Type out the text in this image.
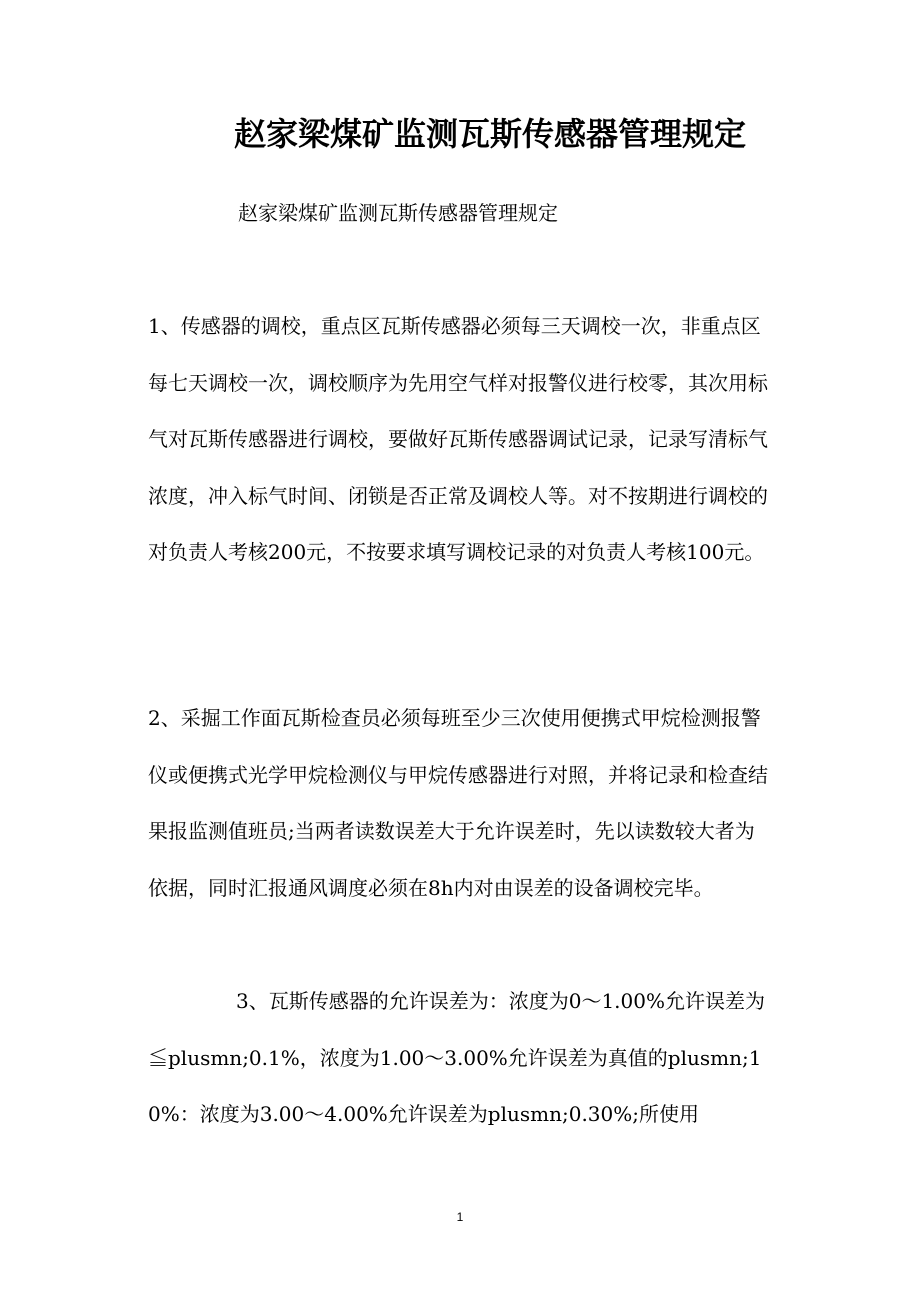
赵家梁煤矿监测瓦斯传感器管理规定
赵家梁煤矿监测瓦斯传感器管理规定

1、传感器的调校，重点区瓦斯传感器必须每三天调校一次，非重点区每七天调校一次，调校顺序为先用空气样对报警仪进行校零，其次用标气对瓦斯传感器进行调校，要做好瓦斯传感器调试记录，记录写清标气浓度，冲入标气时间、闭锁是否正常及调校人等。对不按期进行调校的对负责人考核200元，不按要求填写调校记录的对负责人考核100元。

2、采掘工作面瓦斯检查员必须每班至少三次使用便携式甲烷检测报警仪或便携式光学甲烷检测仪与甲烷传感器进行对照，并将记录和检查结果报监测值班员;当两者读数误差大于允许误差时，先以读数较大者为依据，同时汇报通风调度必须在8h内对由误差的设备调校完毕。

3、瓦斯传感器的允许误差为：浓度为0～1.00%允许误差为≦plusmn;0.1%，浓度为1.00～3.00%允许误差为真值的plusmn;10%：浓度为3.00～4.00%允许误差为plusmn;0.30%;所使用

1
